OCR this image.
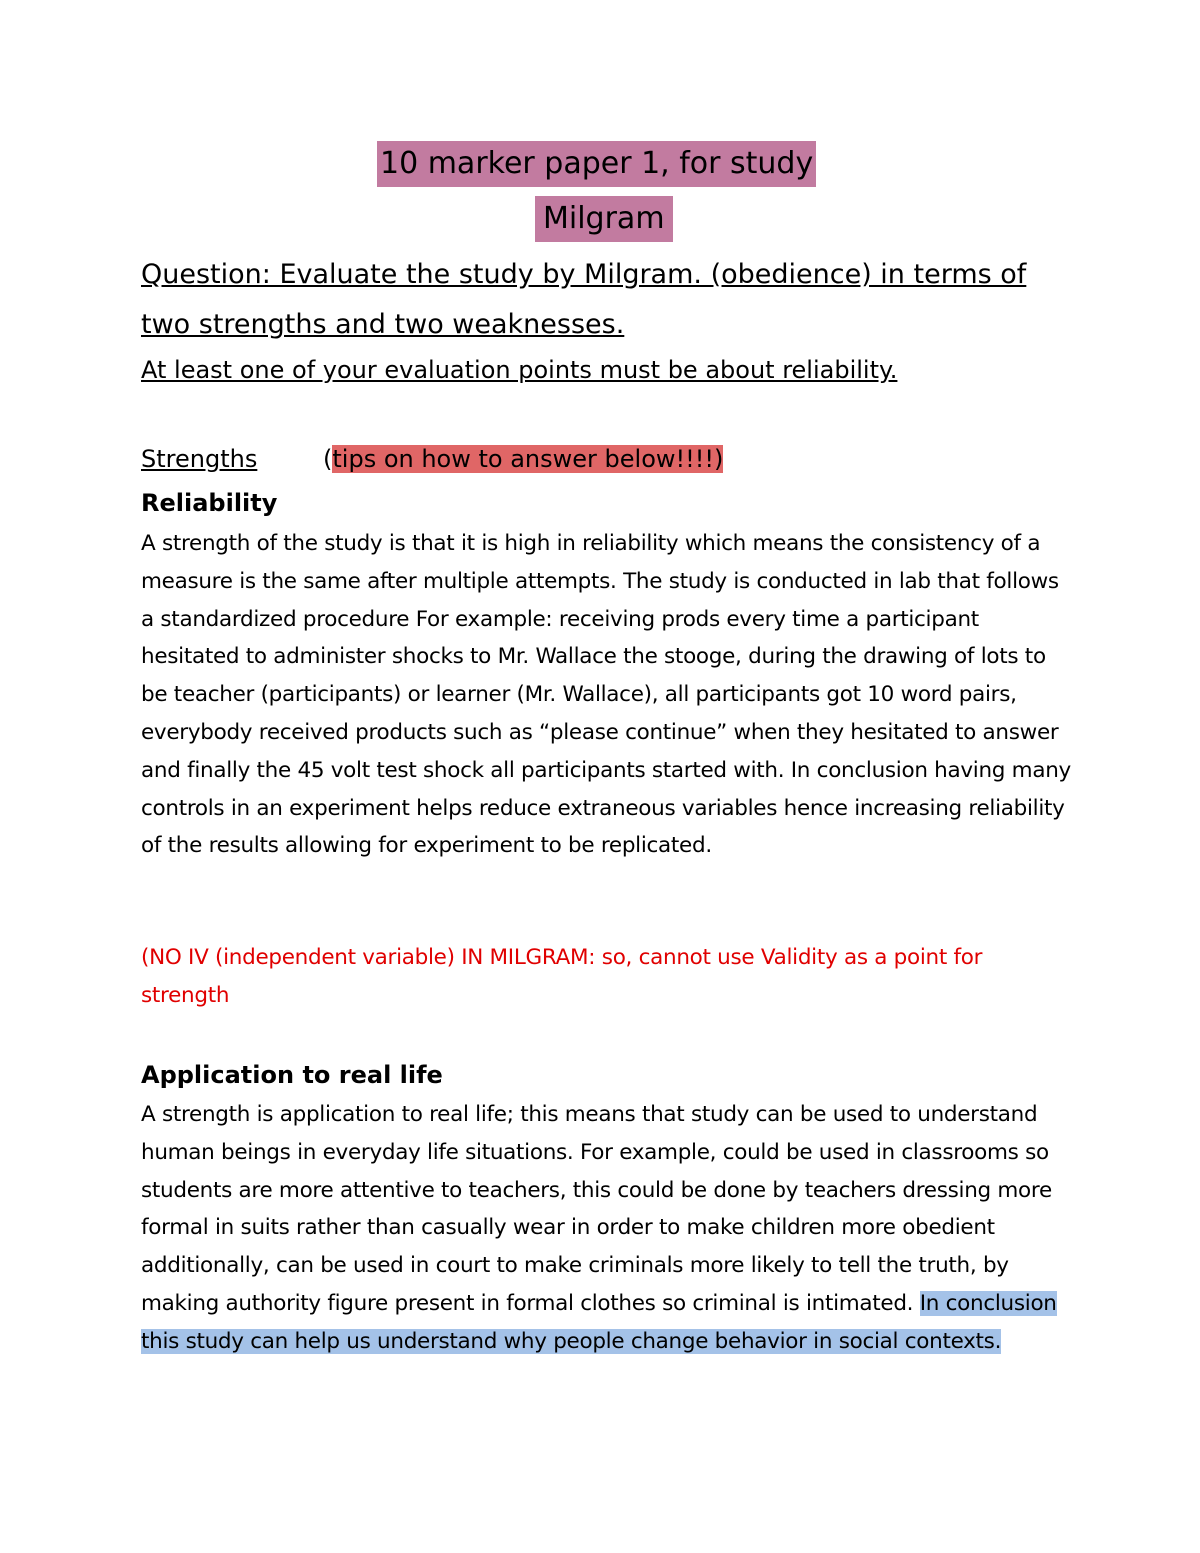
10 marker paper 1, for study
Milgram
Question: Evaluate the study by Milgram. (obedience) in terms of two strengths and two weaknesses.
At least one of your evaluation points must be about reliability.
Strengths	(tips on how to answer below!!!!)
Reliability
A strength of the study is that it is high in reliability which means the consistency of a measure is the same after multiple attempts. The study is conducted in lab that follows a standardized procedure For example: receiving prods every time a participant hesitated to administer shocks to Mr. Wallace the stooge, during the drawing of lots to be teacher (participants) or learner (Mr. Wallace), all participants got 10 word pairs, everybody received products such as “please continue” when they hesitated to answer and finally the 45 volt test shock all participants started with. In conclusion having many controls in an experiment helps reduce extraneous variables hence increasing reliability of the results allowing for experiment to be replicated.
(NO IV (independent variable) IN MILGRAM: so, cannot use Validity as a point for strength
Application to real life
A strength is application to real life; this means that study can be used to understand human beings in everyday life situations. For example, could be used in classrooms so students are more attentive to teachers, this could be done by teachers dressing more formal in suits rather than casually wear in order to make children more obedient additionally, can be used in court to make criminals more likely to tell the truth, by making authority figure present in formal clothes so criminal is intimated. In conclusion this study can help us understand why people change behavior in social contexts.
